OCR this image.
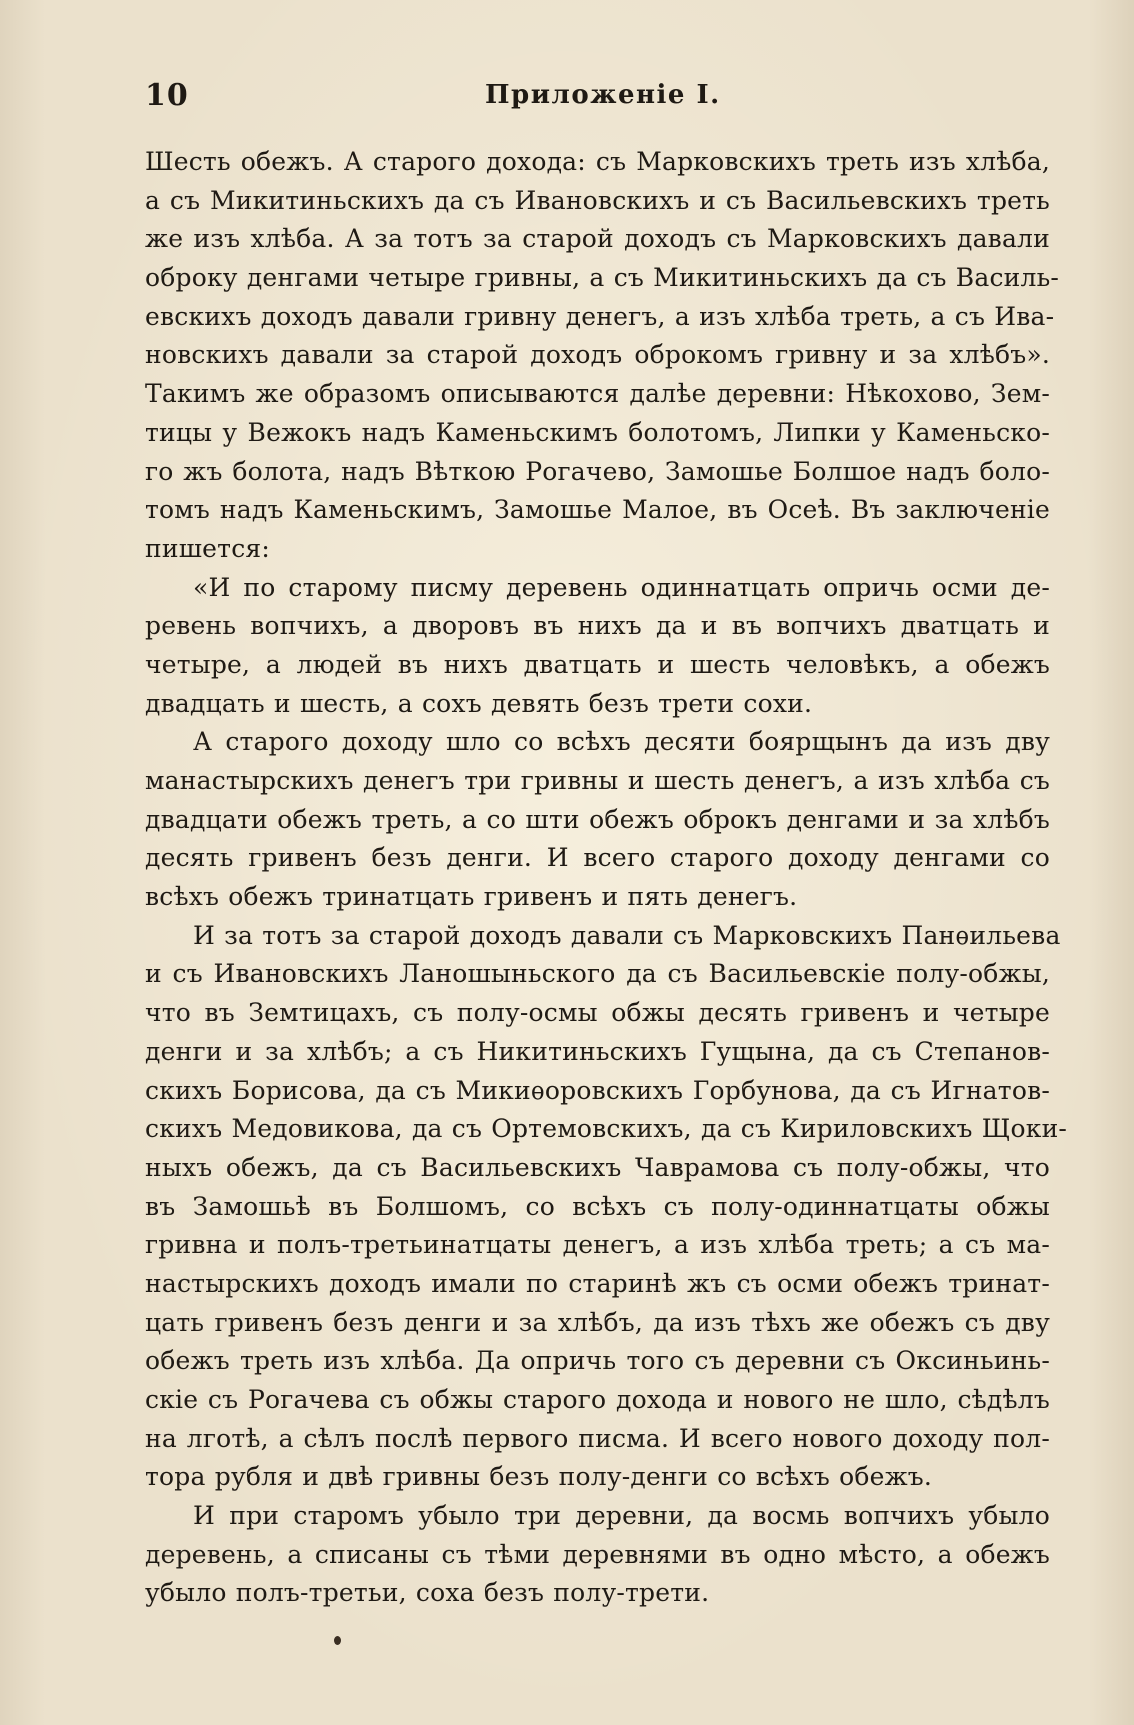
10	Приложеніе I.
Шесть обежъ. А старого дохода: съ Марковскихъ треть изъ хлѣба,
а съ Микитиньскихъ да съ Ивановскихъ и съ Васильевскихъ треть
же изъ хлѣба. А за тотъ за старой доходъ съ Марковскихъ давали
оброку денгами четыре гривны, а съ Микитиньскихъ да съ Василь-
евскихъ доходъ давали гривну денегъ, а изъ хлѣба треть, а съ Ива-
новскихъ давали за старой доходъ оброкомъ гривну и за хлѣбъ».
Такимъ же образомъ описываются далѣе деревни: Нѣкохово, Зем-
тицы у Вежокъ надъ Каменьскимъ болотомъ, Липки у Каменьско-
го жъ болота, надъ Вѣткою Рогачево, Замошье Болшое надъ боло-
томъ надъ Каменьскимъ, Замошье Малое, въ Осеѣ. Въ заключеніе
пишется:
«И по старому писму деревень одиннатцать опричь осми де-
ревень вопчихъ, а дворовъ въ нихъ да и въ вопчихъ дватцать и
четыре, а людей въ нихъ дватцать и шесть человѣкъ, а обежъ
двадцать и шесть, а сохъ девять безъ трети сохи.
А старого доходу шло со всѣхъ десяти боярщынъ да изъ дву
манастырскихъ денегъ три гривны и шесть денегъ, а изъ хлѣба съ
двадцати обежъ треть, а со шти обежъ оброкъ денгами и за хлѣбъ
десять гривенъ безъ денги. И всего старого доходу денгами со
всѣхъ обежъ тринатцать гривенъ и пять денегъ.
И за тотъ за старой доходъ давали съ Марковскихъ Панѳильева
и съ Ивановскихъ Ланошыньского да съ Васильевскіе полу-обжы,
что въ Земтицахъ, съ полу-осмы обжы десять гривенъ и четыре
денги и за хлѣбъ; а съ Никитиньскихъ Гущына, да съ Степанов-
скихъ Борисова, да съ Микиѳоровскихъ Горбунова, да съ Игнатов-
скихъ Медовикова, да съ Ортемовскихъ, да съ Кириловскихъ Щоки-
ныхъ обежъ, да съ Васильевскихъ Чаврамова съ полу-обжы, что
въ Замошьѣ въ Болшомъ, со всѣхъ съ полу-одиннатцаты обжы
гривна и полъ-третьинатцаты денегъ, а изъ хлѣба треть; а съ ма-
настырскихъ доходъ имали по старинѣ жъ съ осми обежъ тринат-
цать гривенъ безъ денги и за хлѣбъ, да изъ тѣхъ же обежъ съ дву
обежъ треть изъ хлѣба. Да опричь того съ деревни съ Оксиньинь-
скіе съ Рогачева съ обжы старого дохода и нового не шло, сѣдѣлъ
на лготѣ, а сѣлъ послѣ первого писма. И всего нового доходу пол-
тора рубля и двѣ гривны безъ полу-денги со всѣхъ обежъ.
И при старомъ убыло три деревни, да восмь вопчихъ убыло
деревень, а списаны съ тѣми деревнями въ одно мѣсто, а обежъ
убыло полъ-третьи, соха безъ полу-трети.
